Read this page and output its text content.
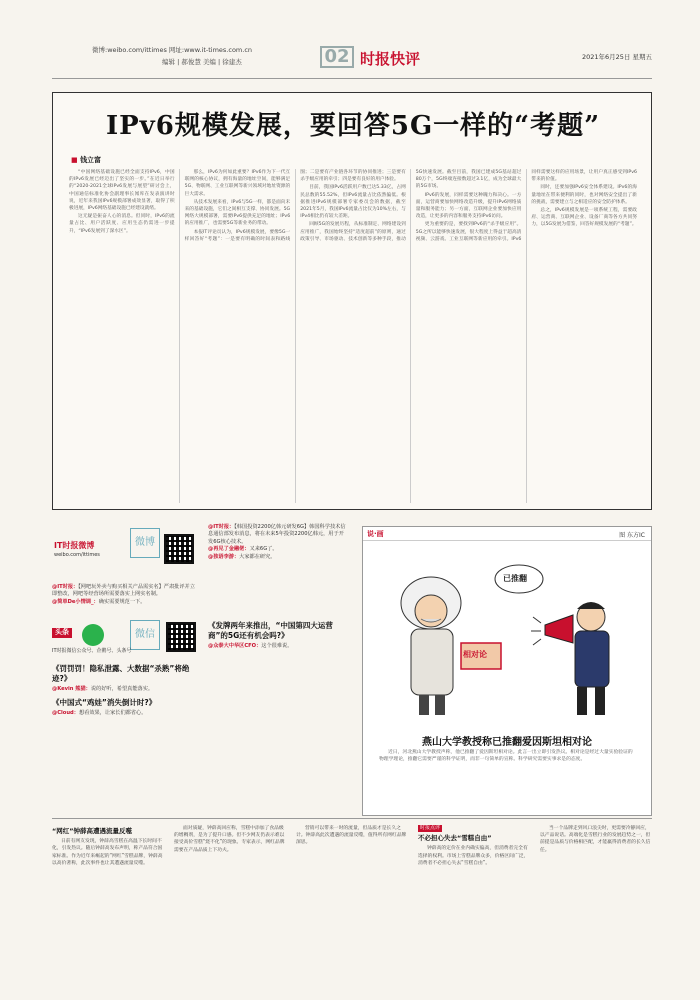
微博:weibo.com/ittimes 网址:www.it-times.com.cn
编辑 | 郝俊慧 美编 | 徐建杰	02 时报快评	2021年6月25日 星期五
IPv6规模发展，要回答5G一样的“考题”
■ 钱立富

“中国网络基础设施已经全面支持IPv6，中国的IPv6发展已经迈出了坚实的一步。”在近日举行的“2020-2021全球IPv6发展与展望”研讨会上，中国通信标准化协会副理事长闻库在发表演讲时说，近年来我国IPv6规模部署成效显著，取得了积极进展，IPv6网络基础设施已经建设就绪。

这无疑是振奋人心的消息。但同时，IPv6的流量占比、用户活跃度、应用生态仍需进一步提升，“IPv6发展到了深水区”。

那么，IPv6为何如此重要？IPv6作为下一代互联网的核心协议，拥有海量的地址空间，能够满足5G、物联网、工业互联网等新兴领域对地址资源的巨大需求。

从技术发展来看，IPv6与5G一样，都是面向未来的基础设施，它们之间相互支撑、协同发展。5G网络大规模部署，需要IPv6提供充足的地址；IPv6的应用推广，也需要5G等新业务的带动。

本报IT评论员认为，IPv6规模发展，要像5G一样回答好“考题”：一是要有明确的时间表和路线图；二是要有产业链各环节的协同推进；三是要有杀手级应用的牵引；四是要有良好的用户体验。

目前，我国IPv6活跃用户数已达5.33亿，占网民总数的55.52%，但IPv6流量占比依然偏低。根据推进IPv6规模部署专家委员会的数据，截至2021年5月，我国IPv6流量占比仅为10%左右，与IPv4相比仍有较大差距。

回顾5G的发展历程，从标准制定、网络建设到应用推广，我国始终坚持“适度超前”的原则，通过政策引导、市场驱动、技术创新等多种手段，推动5G快速发展。截至目前，我国已建成5G基站超过80万个，5G终端连接数超过3.1亿，成为全球最大的5G市场。

IPv6的发展，同样需要这种魄力和决心。一方面，运营商要加快网络改造升级，提升IPv6网络质量和服务能力；另一方面，互联网企业要加快应用改造，让更多的内容和服务支持IPv6访问。

更为重要的是，要找到IPv6的“杀手级应用”。5G之所以能够快速发展，很大程度上得益于超高清视频、云游戏、工业互联网等新应用的牵引。IPv6同样需要这样的应用场景，让用户真正感受到IPv6带来的价值。

同时，还要加强IPv6安全体系建设。IPv6的海量地址在带来便利的同时，也对网络安全提出了新的挑战，需要建立与之相适应的安全防护体系。

总之，IPv6规模发展是一项系统工程，需要政府、运营商、互联网企业、设备厂商等各方共同努力，以5G发展为借鉴，回答好规模发展的“考题”。

IT时报微博
weibo.com/ittimes
微博
@IT时报：【网吧玩外卖与购买相关产品需实名】严肃批评并立即整改，网吧等经营场所需要落实上网实名制。
@简单De小情调_：确实需要规范一下。
头条	微信
IT时报微信公众号、企鹅号、头条号
《罚罚罚！隐私泄露、大数据“杀熟”将绝迹?》
@Kevin 熊猫：说的好听，希望真能落实。
《中国式“鸡娃”消失倒计时?》
@Cloud：想看效果，让家长们都省心。
@IT时报：【韩国投资2200亿韩元研发6G】韩国科学技术信息通信部发布消息，将在未来5年投资2200亿韩元，用于开发6G核心技术。
@再见了金融佬：又来6G了。
@独语李游：大家都在研究。
《发牌两年来推出，“中国第四大运营商”的5G还有机会吗?》
@众泰大中华区CFO：这个很难说。
说·画	图 东方IC
已推翻
相对论
燕山大学教授称已推翻爱因斯坦相对论
近日，河北燕山大学教授声称，他已推翻了爱因斯坦相对论。此言一出立即引发热议。相对论是经过大量实验验证的物理学理论，推翻它需要严谨的科学证明，而非一句简单的宣称。科学研究需要实事求是的态度。
“网红”钟薛高遭遇流量反噬

日前有网友发现，钟薛高雪糕在高温下长时间不化，引发热议。随后钟薛高发布声明，称产品符合国家标准。作为近年来崛起的“网红”雪糕品牌，钟薛高以高价著称，此次事件也让其遭遇流量反噬。

面对质疑，钟薛高回应称，雪糕中添加了食品级的增稠剂，是为了提升口感。但不少网友仍表示难以接受高价雪糕“烧不化”的现象。专家表示，网红品牌需要在产品品质上下功夫。

营销可以带来一时的流量，但品质才是长久之计。钟薛高此次遭遇的流量反噬，值得所有网红品牌深思。

时报点评
不必担心失去“雪糕自由”

钟薛高的定价在业内确实偏高，但消费者完全有选择的权利。市场上雪糕品牌众多，价格区间广泛，消费者不必担心失去“雪糕自由”。

当一个品牌走到风口浪尖时，更需要冷静回应，以产品说话。高端化是雪糕行业的发展趋势之一，但前提是品质与价格相匹配，才能赢得消费者的长久信任。
